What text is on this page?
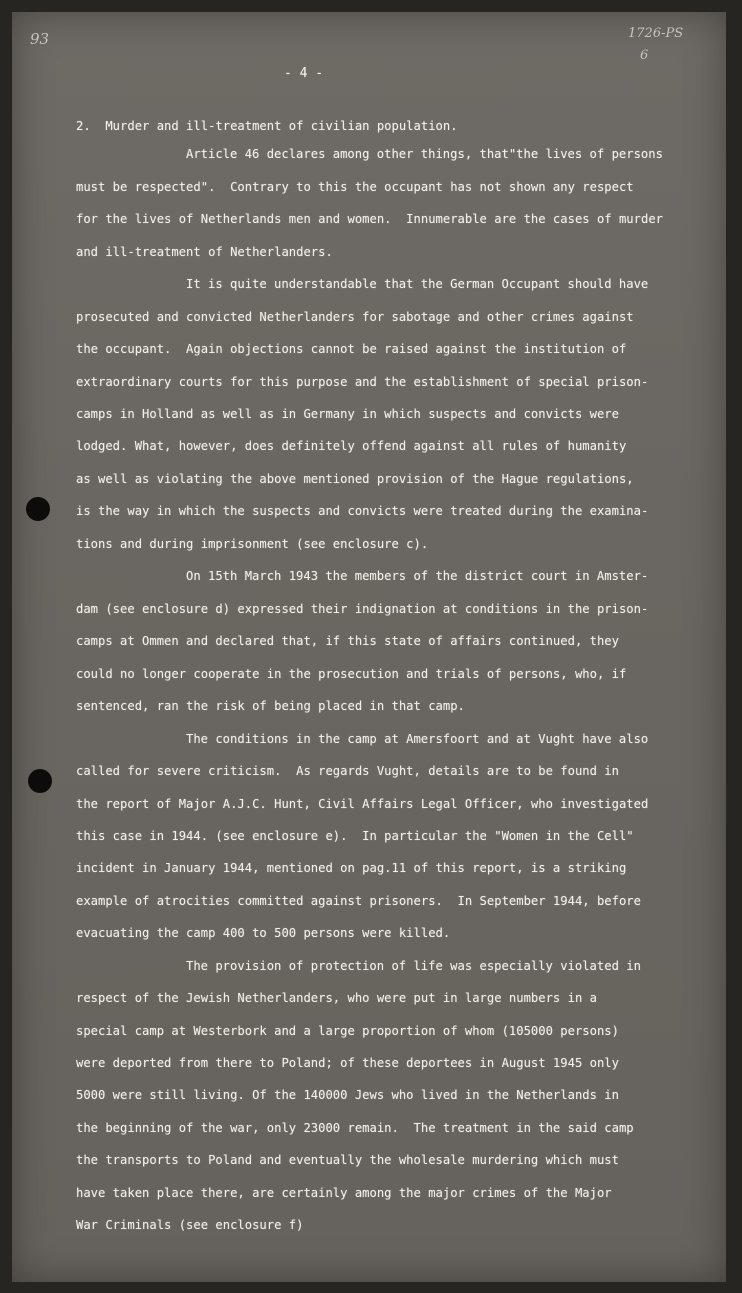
93	1726-PS
6
- 4 -
2.  Murder and ill-treatment of civilian population.
Article 46 declares among other things, that"the lives of persons
must be respected".  Contrary to this the occupant has not shown any respect
for the lives of Netherlands men and women.  Innumerable are the cases of murder
and ill-treatment of Netherlanders.
It is quite understandable that the German Occupant should have
prosecuted and convicted Netherlanders for sabotage and other crimes against
the occupant.  Again objections cannot be raised against the institution of
extraordinary courts for this purpose and the establishment of special prison-
camps in Holland as well as in Germany in which suspects and convicts were
lodged. What, however, does definitely offend against all rules of humanity
as well as violating the above mentioned provision of the Hague regulations,
is the way in which the suspects and convicts were treated during the examina-
tions and during imprisonment (see enclosure c).
On 15th March 1943 the members of the district court in Amster-
dam (see enclosure d) expressed their indignation at conditions in the prison-
camps at Ommen and declared that, if this state of affairs continued, they
could no longer cooperate in the prosecution and trials of persons, who, if
sentenced, ran the risk of being placed in that camp.
The conditions in the camp at Amersfoort and at Vught have also
called for severe criticism.  As regards Vught, details are to be found in
the report of Major A.J.C. Hunt, Civil Affairs Legal Officer, who investigated
this case in 1944. (see enclosure e).  In particular the "Women in the Cell"
incident in January 1944, mentioned on pag.11 of this report, is a striking
example of atrocities committed against prisoners.  In September 1944, before
evacuating the camp 400 to 500 persons were killed.
The provision of protection of life was especially violated in
respect of the Jewish Netherlanders, who were put in large numbers in a
special camp at Westerbork and a large proportion of whom (105000 persons)
were deported from there to Poland; of these deportees in August 1945 only
5000 were still living. Of the 140000 Jews who lived in the Netherlands in
the beginning of the war, only 23000 remain.  The treatment in the said camp
the transports to Poland and eventually the wholesale murdering which must
have taken place there, are certainly among the major crimes of the Major
War Criminals (see enclosure f)
